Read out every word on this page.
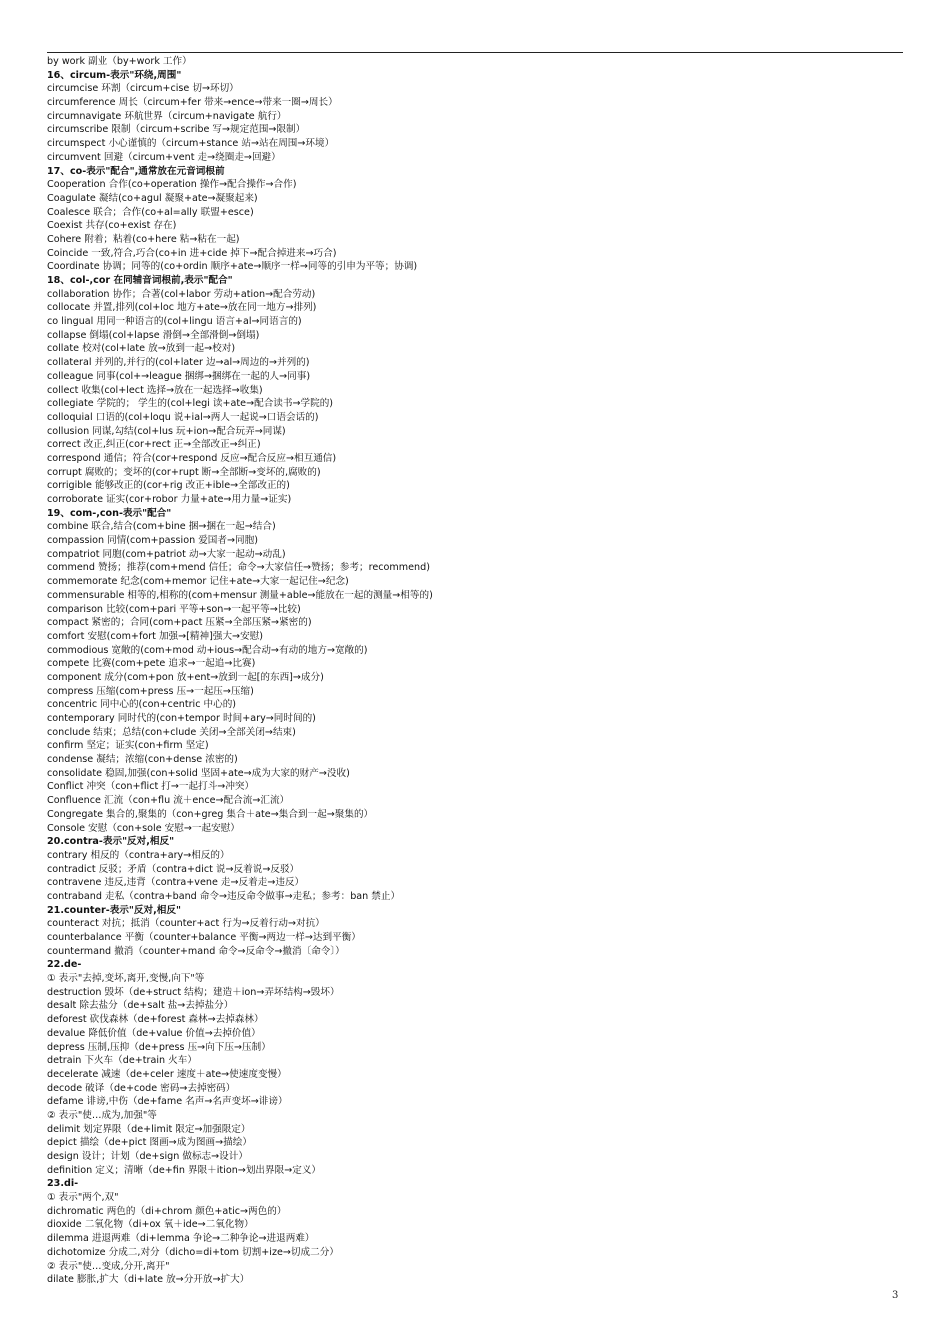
by work 副业（by+work 工作）
16、circum-表示"环绕,周围"
circumcise 环割（circum+cise 切→环切）
circumference 周长（circum+fer 带来→ence→带来一圈→周长）
circumnavigate 环航世界（circum+navigate 航行）
circumscribe 限制（circum+scribe 写→规定范围→限制）
circumspect 小心谨慎的（circum+stance 站→站在周围→环境）
circumvent 回避（circum+vent 走→绕圈走→回避）
17、co-表示"配合",通常放在元音词根前
Cooperation 合作(co+operation 操作→配合操作→合作)
Coagulate 凝结(co+agul 凝聚+ate→凝聚起来)
Coalesce 联合；合作(co+al=ally 联盟+esce)
Coexist 共存(co+exist 存在)
Cohere 附着；粘着(co+here 粘→粘在一起)
Coincide 一致,符合,巧合(co+in 进+cide 掉下→配合掉进来→巧合)
Coordinate 协调；同等的(co+ordin 顺序+ate→顺序一样→同等的引申为平等；协调)
18、col-,cor 在同辅音词根前,表示"配合"
collaboration 协作；合著(col+labor 劳动+ation→配合劳动)
collocate 并置,排列(col+loc 地方+ate→放在同一地方→排列)
co lingual 用同一种语言的(col+lingu 语言+al→同语言的)
collapse 倒塌(col+lapse 滑倒→全部滑倒→倒塌)
collate 校对(col+late 放→放到一起→校对)
collateral 并列的,并行的(col+later 边→al→周边的→并列的)
colleague 同事(col+→league 捆绑→捆绑在一起的人→同事)
collect 收集(col+lect 选择→放在一起选择→收集)
collegiate 学院的； 学生的(col+legi 读+ate→配合读书→学院的)
colloquial 口语的(col+loqu 说+ial→两人一起说→口语会话的)
collusion 同谋,勾结(col+lus 玩+ion→配合玩弄→同谋)
correct 改正,纠正(cor+rect 正→全部改正→纠正)
correspond 通信；符合(cor+respond 反应→配合反应→相互通信)
corrupt 腐败的；变坏的(cor+rupt 断→全部断→变坏的,腐败的)
corrigible 能够改正的(cor+rig 改正+ible→全部改正的)
corroborate 证实(cor+robor 力量+ate→用力量→证实)
19、com-,con-表示"配合"
combine 联合,结合(com+bine 捆→捆在一起→结合)
compassion 同情(com+passion 爱国者→同胞)
compatriot 同胞(com+patriot 动→大家一起动→动乱)
commend 赞扬；推荐(com+mend 信任；命令→大家信任→赞扬；参考；recommend)
commemorate 纪念(com+memor 记住+ate→大家一起记住→纪念)
commensurable 相等的,相称的(com+mensur 测量+able→能放在一起的测量→相等的)
comparison 比较(com+pari 平等+son→一起平等→比较)
compact 紧密的；合同(com+pact 压紧→全部压紧→紧密的)
comfort 安慰(com+fort 加强→[精神]强大→安慰)
commodious 宽敞的(com+mod 动+ious→配合动→有动的地方→宽敞的)
compete 比赛(com+pete 追求→一起追→比赛)
component 成分(com+pon 放+ent→放到一起[的东西]→成分)
compress 压缩(com+press 压→一起压→压缩)
concentric 同中心的(con+centric 中心的)
contemporary 同时代的(con+tempor 时间+ary→同时间的)
conclude 结束；总结(con+clude 关闭→全部关闭→结束)
confirm 坚定；证实(con+firm 坚定)
condense 凝结；浓缩(con+dense 浓密的)
consolidate 稳固,加强(con+solid 坚固+ate→成为大家的财产→没收)
Conflict 冲突（con+flict 打→一起打斗→冲突）
Confluence 汇流（con+flu 流＋ence→配合流→汇流）
Congregate 集合的,聚集的（con+greg 集合＋ate→集合到一起→聚集的）
Console 安慰（con+sole 安慰→一起安慰）
20.contra-表示"反对,相反"
contrary 相反的（contra+ary→相反的）
contradict 反驳；矛盾（contra+dict 说→反着说→反驳）
contravene 违反,违背（contra+vene 走→反着走→违反）
contraband 走私（contra+band 命令→违反命令做事→走私；参考：ban 禁止）
21.counter-表示"反对,相反"
counteract 对抗；抵消（counter+act 行为→反着行动→对抗）
counterbalance 平衡（counter+balance 平衡→两边一样→达到平衡）
countermand 撤消（counter+mand 命令→反命令→撤消〔命令〕）
22.de-
① 表示"去掉,变坏,离开,变慢,向下"等
destruction 毁坏（de+struct 结构；建造＋ion→弄坏结构→毁坏）
desalt 除去盐分（de+salt 盐→去掉盐分）
deforest 砍伐森林（de+forest 森林→去掉森林）
devalue 降低价值（de+value 价值→去掉价值）
depress 压制,压抑（de+press 压→向下压→压制）
detrain 下火车（de+train 火车）
decelerate 减速（de+celer 速度＋ate→使速度变慢）
decode 破译（de+code 密码→去掉密码）
defame 诽谤,中伤（de+fame 名声→名声变坏→诽谤）
② 表示"使…成为,加强"等
delimit 划定界限（de+limit 限定→加强限定）
depict 描绘（de+pict 图画→成为图画→描绘）
design 设计；计划（de+sign 做标志→设计）
definition 定义；清晰（de+fin 界限＋ition→划出界限→定义）
23.di-
① 表示"两个,双"
dichromatic 两色的（di+chrom 颜色+atic→两色的）
dioxide 二氧化物（di+ox 氧＋ide→二氧化物）
dilemma 进退两难（di+lemma 争论→二种争论→进退两难）
dichotomize 分成二,对分（dicho=di+tom 切割+ize→切成二分）
② 表示"使…变成,分开,离开"
dilate 膨胀,扩大（di+late 放→分开放→扩大）
3
